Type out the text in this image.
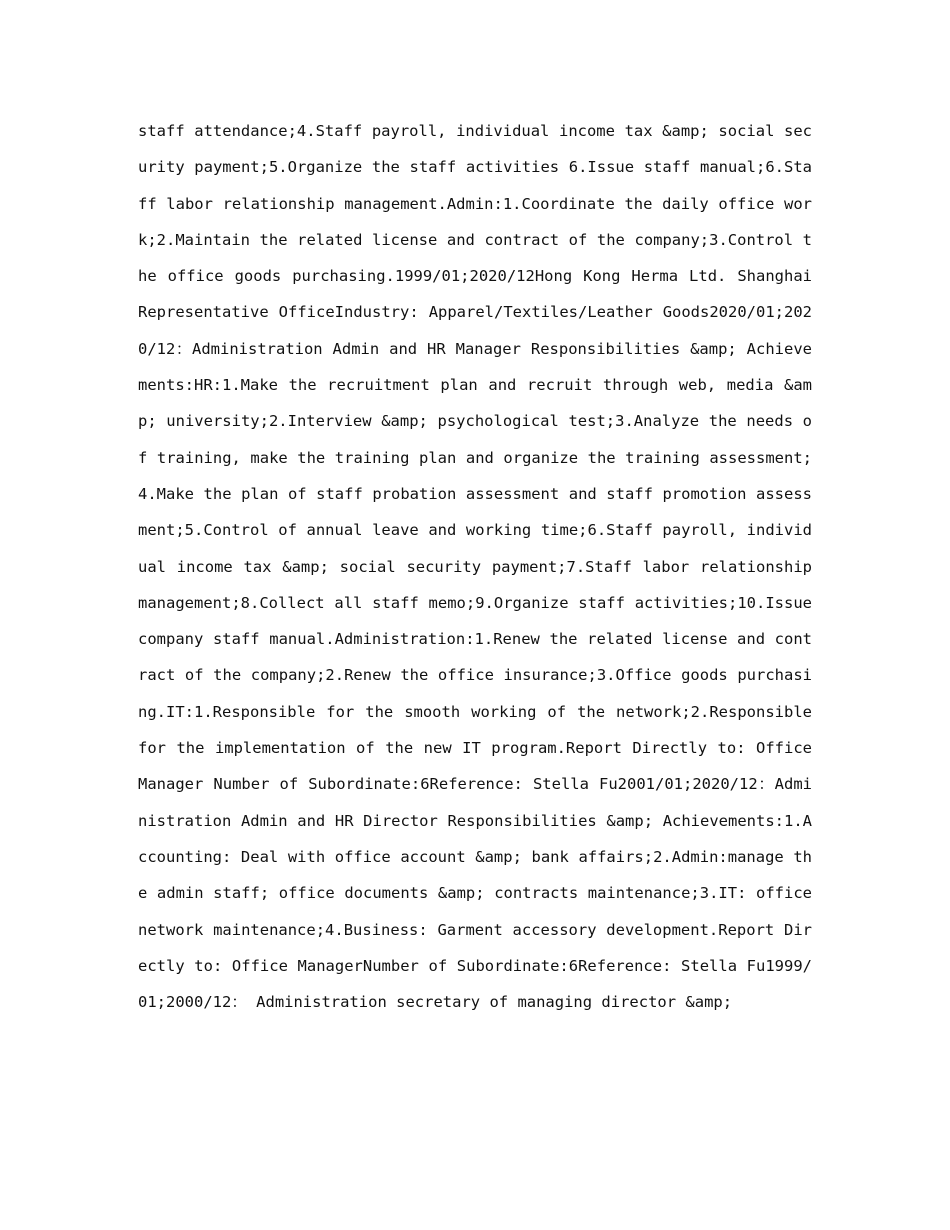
staff attendance;4.Staff payroll, individual income tax &amp; social security payment;5.Organize the staff activities 6.Issue staff manual;6.Staff labor relationship management.Admin:1.Coordinate the daily office work;2.Maintain the related license and contract of the company;3.Control the office goods purchasing.1999/01;2020/12Hong Kong Herma Ltd. Shanghai Representative OfficeIndustry: Apparel/Textiles/Leather Goods2020/01;2020/12：Administration Admin and HR Manager Responsibilities &amp; Achievements:HR:1.Make the recruitment plan and recruit through web, media &amp; university;2.Interview &amp; psychological test;3.Analyze the needs of training, make the training plan and organize the training assessment;4.Make the plan of staff probation assessment and staff promotion assessment;5.Control of annual leave and working time;6.Staff payroll, individual income tax &amp; social security payment;7.Staff labor relationship management;8.Collect all staff memo;9.Organize staff activities;10.Issue company staff manual.Administration:1.Renew the related license and contract of the company;2.Renew the office insurance;3.Office goods purchasing.IT:1.Responsible for the smooth working of the network;2.Responsible for the implementation of the new IT program.Report Directly to: Office Manager Number of Subordinate:6Reference: Stella Fu2001/01;2020/12：Administration Admin and HR Director Responsibilities &amp; Achievements:1.Accounting: Deal with office account &amp; bank affairs;2.Admin:manage the admin staff; office documents &amp; contracts maintenance;3.IT: office network maintenance;4.Business: Garment accessory development.Report Directly to: Office ManagerNumber of Subordinate:6Reference: Stella Fu1999/01;2000/12： Administration secretary of managing director &amp;
